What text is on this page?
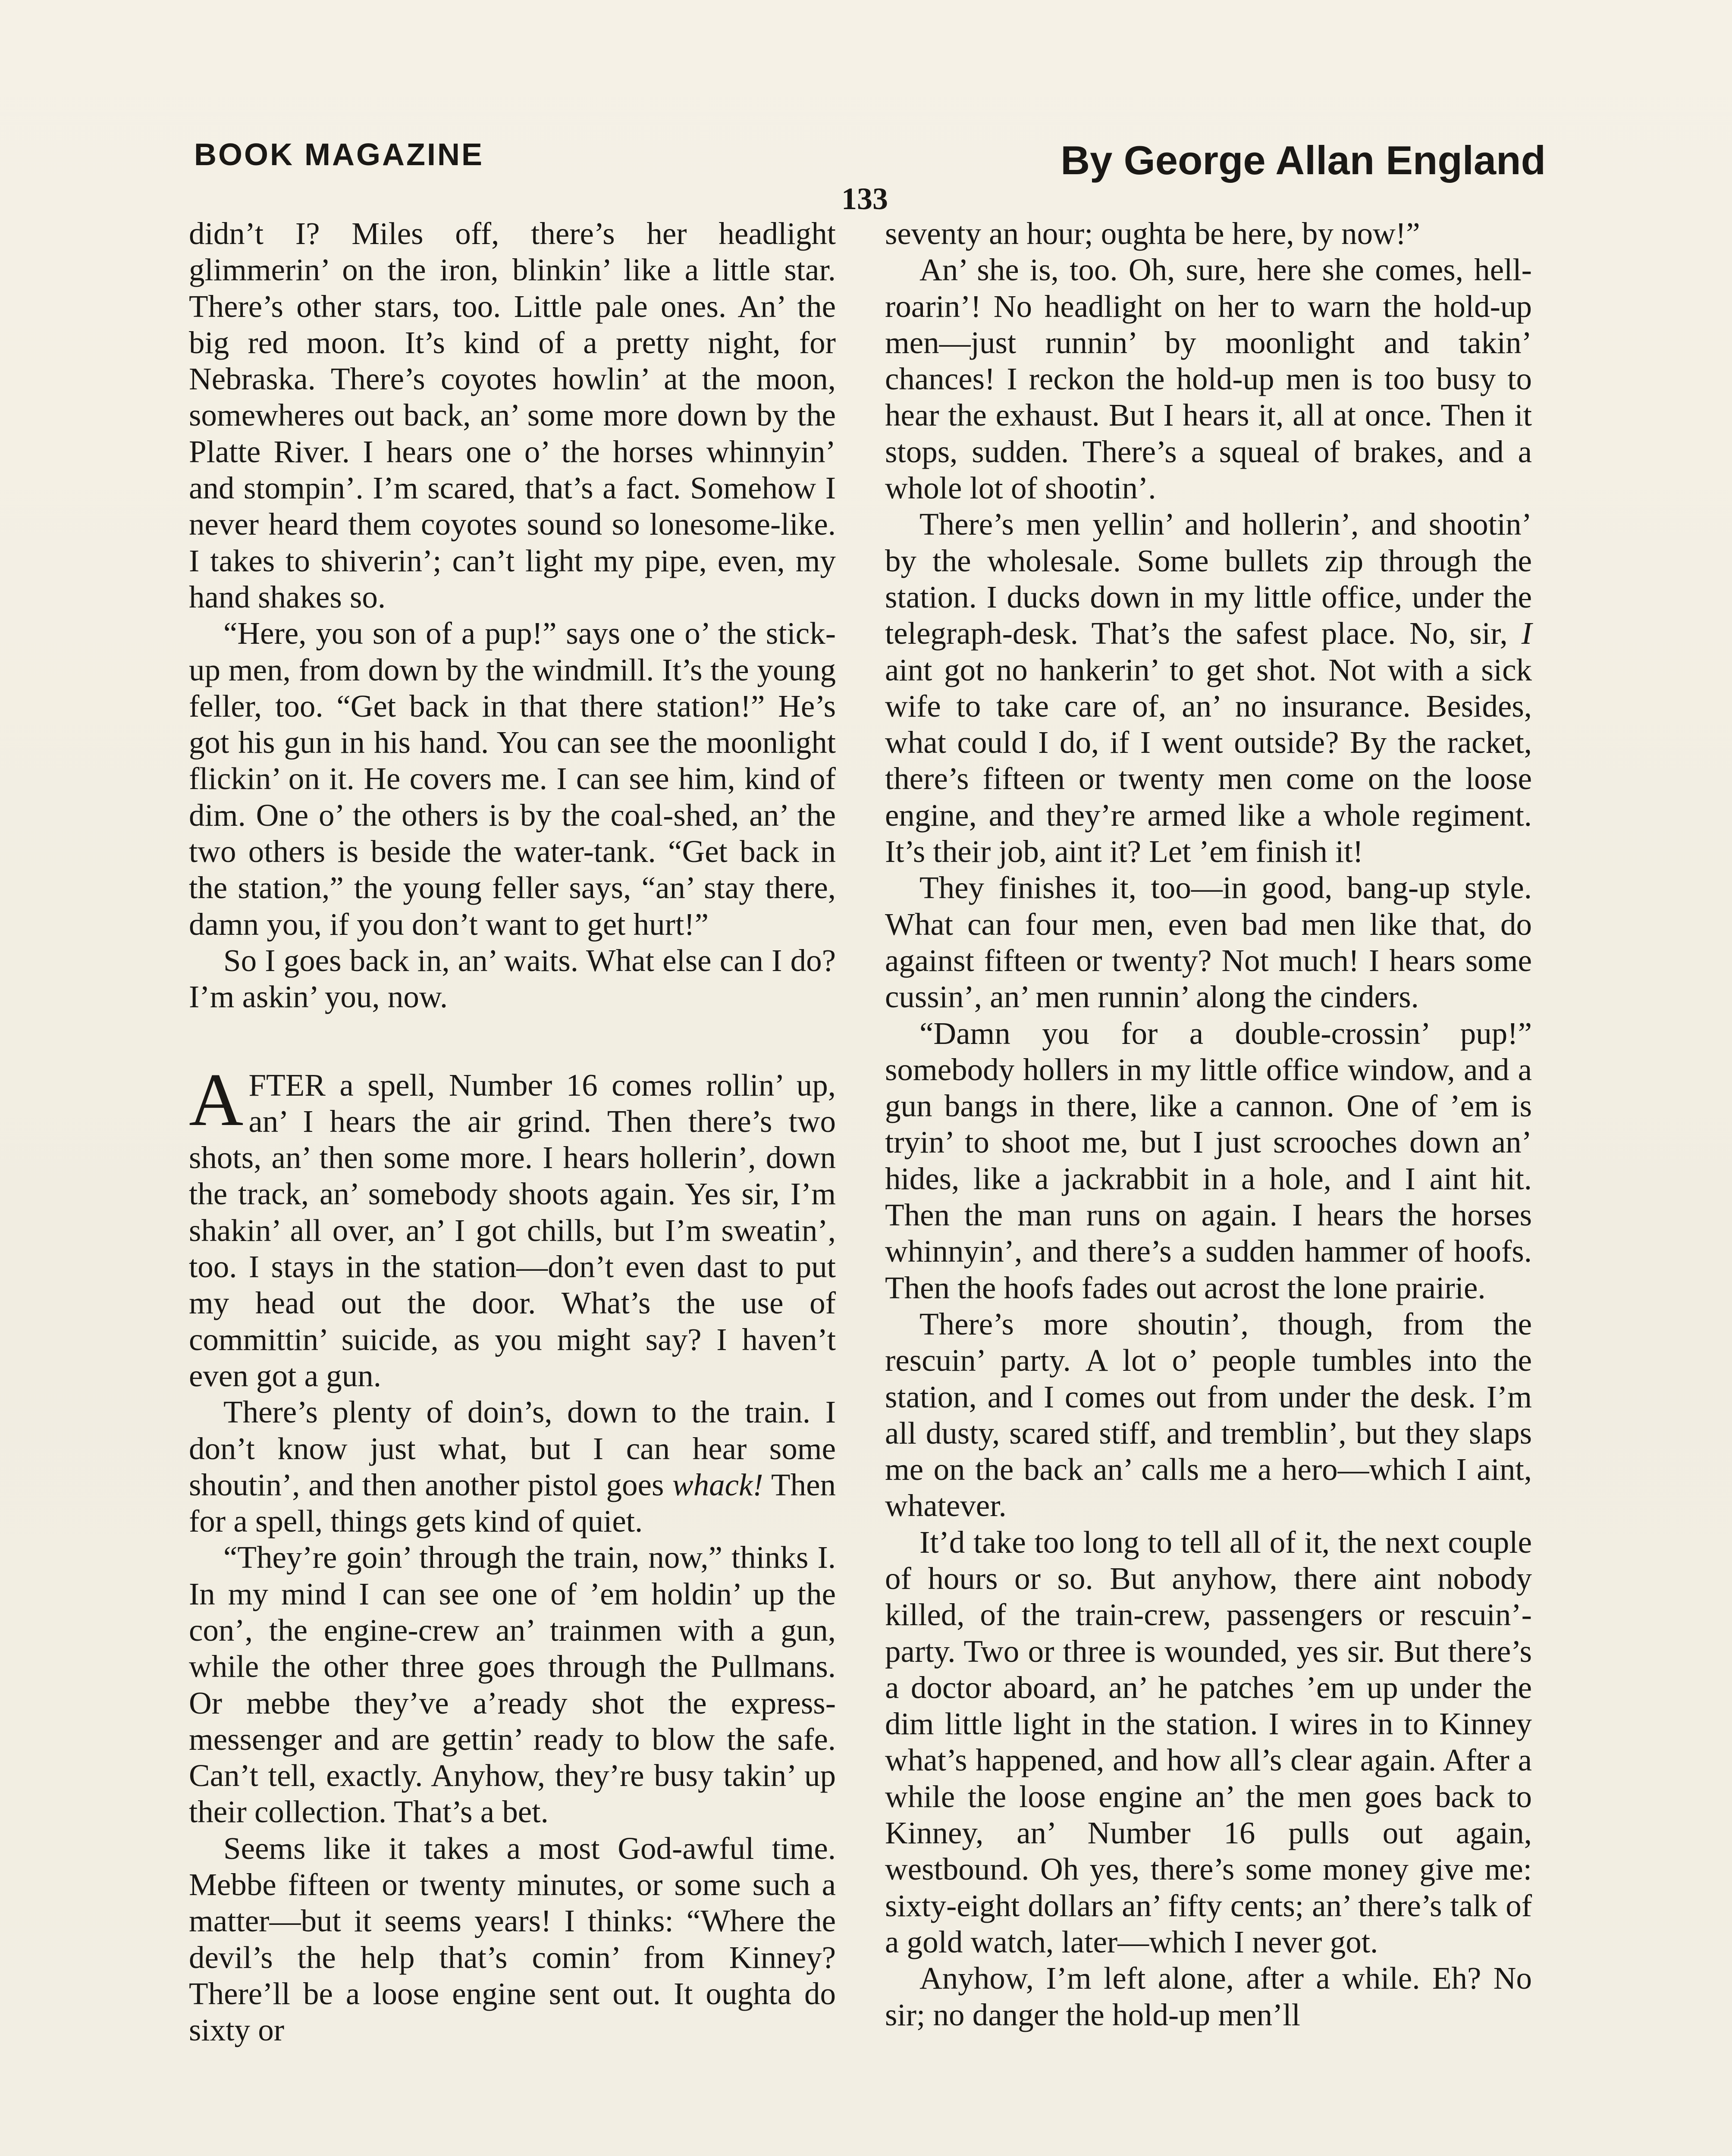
BOOK MAGAZINE	By George Allan England
133

didn’t I? Miles off, there’s her headlight glimmerin’ on the iron, blinkin’ like a little star. There’s other stars, too. Little pale ones. An’ the big red moon. It’s kind of a pretty night, for Nebraska. There’s coyotes howlin’ at the moon, somewheres out back, an’ some more down by the Platte River. I hears one o’ the horses whinnyin’ and stompin’. I’m scared, that’s a fact. Somehow I never heard them coyotes sound so lonesome-like. I takes to shiverin’; can’t light my pipe, even, my hand shakes so.

“Here, you son of a pup!” says one o’ the stick-up men, from down by the windmill. It’s the young feller, too. “Get back in that there station!” He’s got his gun in his hand. You can see the moonlight flickin’ on it. He covers me. I can see him, kind of dim. One o’ the others is by the coal-shed, an’ the two others is beside the water-tank. “Get back in the station,” the young feller says, “an’ stay there, damn you, if you don’t want to get hurt!”

So I goes back in, an’ waits. What else can I do? I’m askin’ you, now.

AFTER a spell, Number 16 comes rollin’ up, an’ I hears the air grind. Then there’s two shots, an’ then some more. I hears hollerin’, down the track, an’ somebody shoots again. Yes sir, I’m shakin’ all over, an’ I got chills, but I’m sweatin’, too. I stays in the station—don’t even dast to put my head out the door. What’s the use of committin’ suicide, as you might say? I haven’t even got a gun.

There’s plenty of doin’s, down to the train. I don’t know just what, but I can hear some shoutin’, and then another pistol goes whack! Then for a spell, things gets kind of quiet.

“They’re goin’ through the train, now,” thinks I. In my mind I can see one of ’em holdin’ up the con’, the engine-crew an’ trainmen with a gun, while the other three goes through the Pullmans. Or mebbe they’ve a’ready shot the express-messenger and are gettin’ ready to blow the safe. Can’t tell, exactly. Anyhow, they’re busy takin’ up their collection. That’s a bet.

Seems like it takes a most God-awful time. Mebbe fifteen or twenty minutes, or some such a matter—but it seems years! I thinks: “Where the devil’s the help that’s comin’ from Kinney? There’ll be a loose engine sent out. It oughta do sixty or

seventy an hour; oughta be here, by now!”

An’ she is, too. Oh, sure, here she comes, hell-roarin’! No headlight on her to warn the hold-up men—just runnin’ by moonlight and takin’ chances! I reckon the hold-up men is too busy to hear the exhaust. But I hears it, all at once. Then it stops, sudden. There’s a squeal of brakes, and a whole lot of shootin’.

There’s men yellin’ and hollerin’, and shootin’ by the wholesale. Some bullets zip through the station. I ducks down in my little office, under the telegraph-desk. That’s the safest place. No, sir, I aint got no hankerin’ to get shot. Not with a sick wife to take care of, an’ no insurance. Besides, what could I do, if I went outside? By the racket, there’s fifteen or twenty men come on the loose engine, and they’re armed like a whole regiment. It’s their job, aint it? Let ’em finish it!

They finishes it, too—in good, bang-up style. What can four men, even bad men like that, do against fifteen or twenty? Not much! I hears some cussin’, an’ men runnin’ along the cinders.

“Damn you for a double-crossin’ pup!” somebody hollers in my little office window, and a gun bangs in there, like a cannon. One of ’em is tryin’ to shoot me, but I just scrooches down an’ hides, like a jackrabbit in a hole, and I aint hit. Then the man runs on again. I hears the horses whinnyin’, and there’s a sudden hammer of hoofs. Then the hoofs fades out acrost the lone prairie.

There’s more shoutin’, though, from the rescuin’ party. A lot o’ people tumbles into the station, and I comes out from under the desk. I’m all dusty, scared stiff, and tremblin’, but they slaps me on the back an’ calls me a hero—which I aint, whatever.

It’d take too long to tell all of it, the next couple of hours or so. But anyhow, there aint nobody killed, of the train-crew, passengers or rescuin’-party. Two or three is wounded, yes sir. But there’s a doctor aboard, an’ he patches ’em up under the dim little light in the station. I wires in to Kinney what’s happened, and how all’s clear again. After a while the loose engine an’ the men goes back to Kinney, an’ Number 16 pulls out again, westbound. Oh yes, there’s some money give me: sixty-eight dollars an’ fifty cents; an’ there’s talk of a gold watch, later—which I never got.

Anyhow, I’m left alone, after a while. Eh? No sir; no danger the hold-up men’ll
